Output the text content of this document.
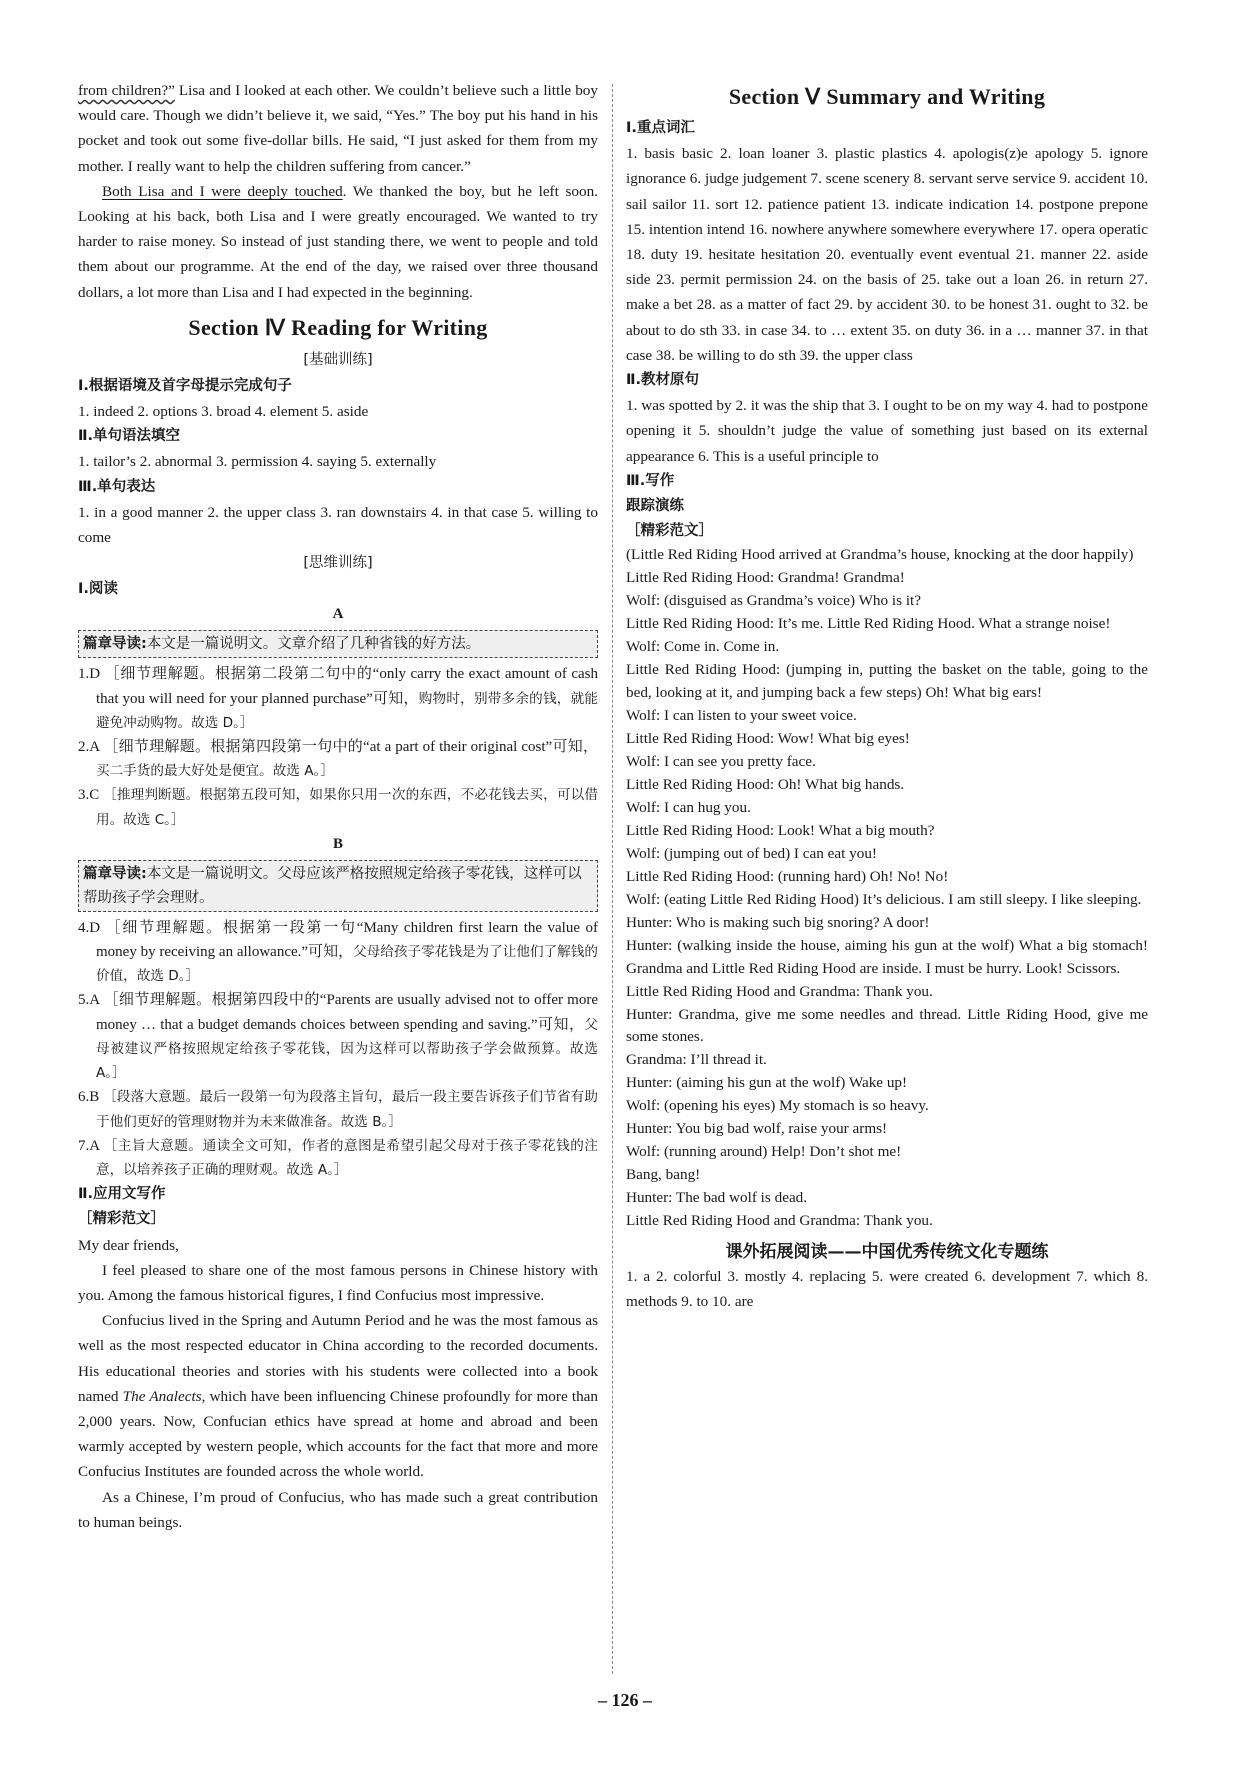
from children?” Lisa and I looked at each other. We couldn’t believe such a little boy would care. Though we didn’t believe it, we said, “Yes.” The boy put his hand in his pocket and took out some five-dollar bills. He said, “I just asked for them from my mother. I really want to help the children suffering from cancer.”

Both Lisa and I were deeply touched. We thanked the boy, but he left soon. Looking at his back, both Lisa and I were greatly encouraged. We wanted to try harder to raise money. So instead of just standing there, we went to people and told them about our programme. At the end of the day, we raised over three thousand dollars, a lot more than Lisa and I had expected in the beginning.

Section Ⅳ Reading for Writing

[基础训练]

Ⅰ.根据语境及首字母提示完成句子

1. indeed 2. options 3. broad 4. element 5. aside

Ⅱ.单句语法填空

1. tailor’s 2. abnormal 3. permission 4. saying 5. externally

Ⅲ.单句表达

1. in a good manner 2. the upper class 3. ran downstairs 4. in that case 5. willing to come

[思维训练]

Ⅰ.阅读

A

篇章导读:本文是一篇说明文。文章介绍了几种省钱的好方法。

1.D ［细节理解题。根据第二段第二句中的“only carry the exact amount of cash that you will need for your planned purchase”可知，购物时，别带多余的钱，就能避免冲动购物。故选 D。］

2.A ［细节理解题。根据第四段第一句中的“at a part of their original cost”可知，买二手货的最大好处是便宜。故选 A。］

3.C ［推理判断题。根据第五段可知，如果你只用一次的东西，不必花钱去买，可以借用。故选 C。］

B

篇章导读:本文是一篇说明文。父母应该严格按照规定给孩子零花钱，这样可以帮助孩子学会理财。

4.D ［细节理解题。根据第一段第一句“Many children first learn the value of money by receiving an allowance.”可知，父母给孩子零花钱是为了让他们了解钱的价值，故选 D。］

5.A ［细节理解题。根据第四段中的“Parents are usually advised not to offer more money … that a budget demands choices between spending and saving.”可知，父母被建议严格按照规定给孩子零花钱，因为这样可以帮助孩子学会做预算。故选 A。］

6.B ［段落大意题。最后一段第一句为段落主旨句，最后一段主要告诉孩子们节省有助于他们更好的管理财物并为未来做准备。故选 B。］

7.A ［主旨大意题。通读全文可知，作者的意图是希望引起父母对于孩子零花钱的注意，以培养孩子正确的理财观。故选 A。］

Ⅱ.应用文写作

［精彩范文］

My dear friends,

I feel pleased to share one of the most famous persons in Chinese history with you. Among the famous historical figures, I find Confucius most impressive.

Confucius lived in the Spring and Autumn Period and he was the most famous as well as the most respected educator in China according to the recorded documents. His educational theories and stories with his students were collected into a book named The Analects, which have been influencing Chinese profoundly for more than 2,000 years. Now, Confucian ethics have spread at home and abroad and been warmly accepted by western people, which accounts for the fact that more and more Confucius Institutes are founded across the whole world.

As a Chinese, I’m proud of Confucius, who has made such a great contribution to human beings.

Section Ⅴ Summary and Writing

Ⅰ.重点词汇

1. basis basic 2. loan loaner 3. plastic plastics 4. apologis(z)e apology 5. ignore ignorance 6. judge judgement 7. scene scenery 8. servant serve service 9. accident 10. sail sailor 11. sort 12. patience patient 13. indicate indication 14. postpone prepone 15. intention intend 16. nowhere anywhere somewhere everywhere 17. opera operatic 18. duty 19. hesitate hesitation 20. eventually event eventual 21. manner 22. aside side 23. permit permission 24. on the basis of 25. take out a loan 26. in return 27. make a bet 28. as a matter of fact 29. by accident 30. to be honest 31. ought to 32. be about to do sth 33. in case 34. to … extent 35. on duty 36. in a … manner 37. in that case 38. be willing to do sth 39. the upper class

Ⅱ.教材原句

1. was spotted by 2. it was the ship that 3. I ought to be on my way 4. had to postpone opening it 5. shouldn’t judge the value of something just based on its external appearance 6. This is a useful principle to

Ⅲ.写作

跟踪演练

［精彩范文］

(Little Red Riding Hood arrived at Grandma’s house, knocking at the door happily)

Little Red Riding Hood: Grandma! Grandma!

Wolf: (disguised as Grandma’s voice) Who is it?

Little Red Riding Hood: It’s me. Little Red Riding Hood. What a strange noise!

Wolf: Come in. Come in.

Little Red Riding Hood: (jumping in, putting the basket on the table, going to the bed, looking at it, and jumping back a few steps) Oh! What big ears!

Wolf: I can listen to your sweet voice.

Little Red Riding Hood: Wow! What big eyes!

Wolf: I can see you pretty face.

Little Red Riding Hood: Oh! What big hands.

Wolf: I can hug you.

Little Red Riding Hood: Look! What a big mouth?

Wolf: (jumping out of bed) I can eat you!

Little Red Riding Hood: (running hard) Oh! No! No!

Wolf: (eating Little Red Riding Hood) It’s delicious. I am still sleepy. I like sleeping.

Hunter: Who is making such big snoring? A door!

Hunter: (walking inside the house, aiming his gun at the wolf) What a big stomach! Grandma and Little Red Riding Hood are inside. I must be hurry. Look! Scissors.

Little Red Riding Hood and Grandma: Thank you.

Hunter: Grandma, give me some needles and thread. Little Riding Hood, give me some stones.

Grandma: I’ll thread it.

Hunter: (aiming his gun at the wolf) Wake up!

Wolf: (opening his eyes) My stomach is so heavy.

Hunter: You big bad wolf, raise your arms!

Wolf: (running around) Help! Don’t shot me!

Bang, bang!

Hunter: The bad wolf is dead.

Little Red Riding Hood and Grandma: Thank you.

课外拓展阅读——中国优秀传统文化专题练

1. a 2. colorful 3. mostly 4. replacing 5. were created 6. development 7. which 8. methods 9. to 10. are

– 126 –
